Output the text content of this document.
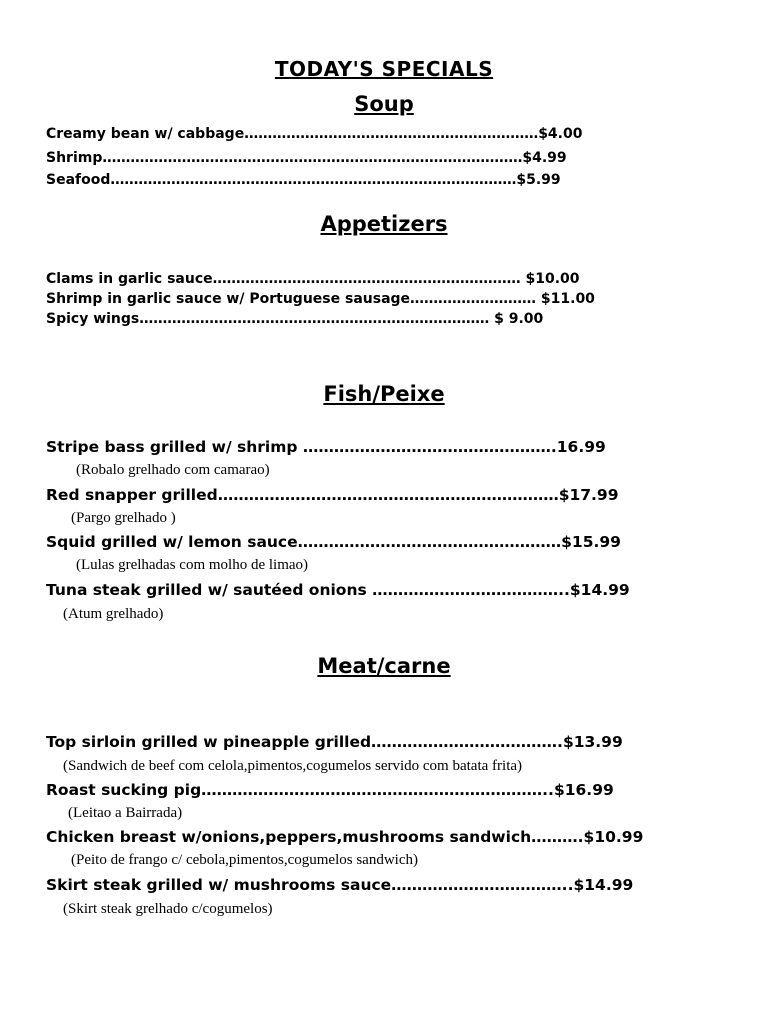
TODAY'S SPECIALS
Soup
Creamy bean w/ cabbage………………………………………………………$4.00
Shrimp………………………………………………………………………………$4.99
Seafood……………………………………………………………………………$5.99
Appetizers
Clams in garlic sauce………………………………………………………… $10.00
Shrimp in garlic sauce w/ Portuguese sausage……………………… $11.00
Spicy wings………………………………………………………………… $ 9.00
Fish/Peixe
Stripe bass grilled w/ shrimp ………………………………………….16.99
(Robalo grelhado com camarao)
Red snapper grilled…………………………………………………………$17.99
(Pargo grelhado )
Squid grilled w/ lemon sauce……………………………………………$15.99
(Lulas grelhadas com molho de limao)
Tuna steak grilled w/ sautéed onions ………………………………..$14.99
(Atum grelhado)
Meat/carne
Top sirloin grilled w pineapple grilled……………………………….$13.99
(Sandwich de beef com celola,pimentos,cogumelos servido com batata frita)
Roast sucking pig…………………………………………………………..$16.99
(Leitao a Bairrada)
Chicken breast w/onions,peppers,mushrooms sandwich……….$10.99
(Peito de frango c/ cebola,pimentos,cogumelos sandwich)
Skirt steak grilled w/ mushrooms sauce……………………………..$14.99
(Skirt steak grelhado c/cogumelos)
